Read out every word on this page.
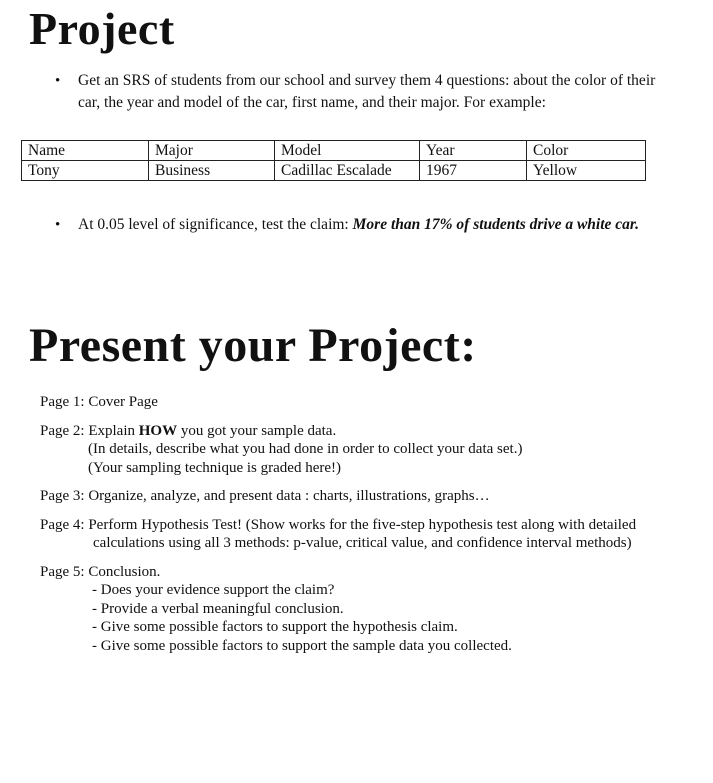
Project
• Get an SRS of students from our school and survey them 4 questions: about the color of their car, the year and model of the car, first name, and their major. For example:
Name	Major	Model	Year	Color
Tony	Business	Cadillac Escalade	1967	Yellow
• At 0.05 level of significance, test the claim: More than 17% of students drive a white car.
Present your Project:
Page 1: Cover Page
Page 2: Explain HOW you got your sample data.
(In details, describe what you had done in order to collect your data set.)
(Your sampling technique is graded here!)
Page 3: Organize, analyze, and present data : charts, illustrations, graphs…
Page 4: Perform Hypothesis Test! (Show works for the five-step hypothesis test along with detailed
calculations using all 3 methods: p-value, critical value, and confidence interval methods)
Page 5: Conclusion.
- Does your evidence support the claim?
- Provide a verbal meaningful conclusion.
- Give some possible factors to support the hypothesis claim.
- Give some possible factors to support the sample data you collected.
